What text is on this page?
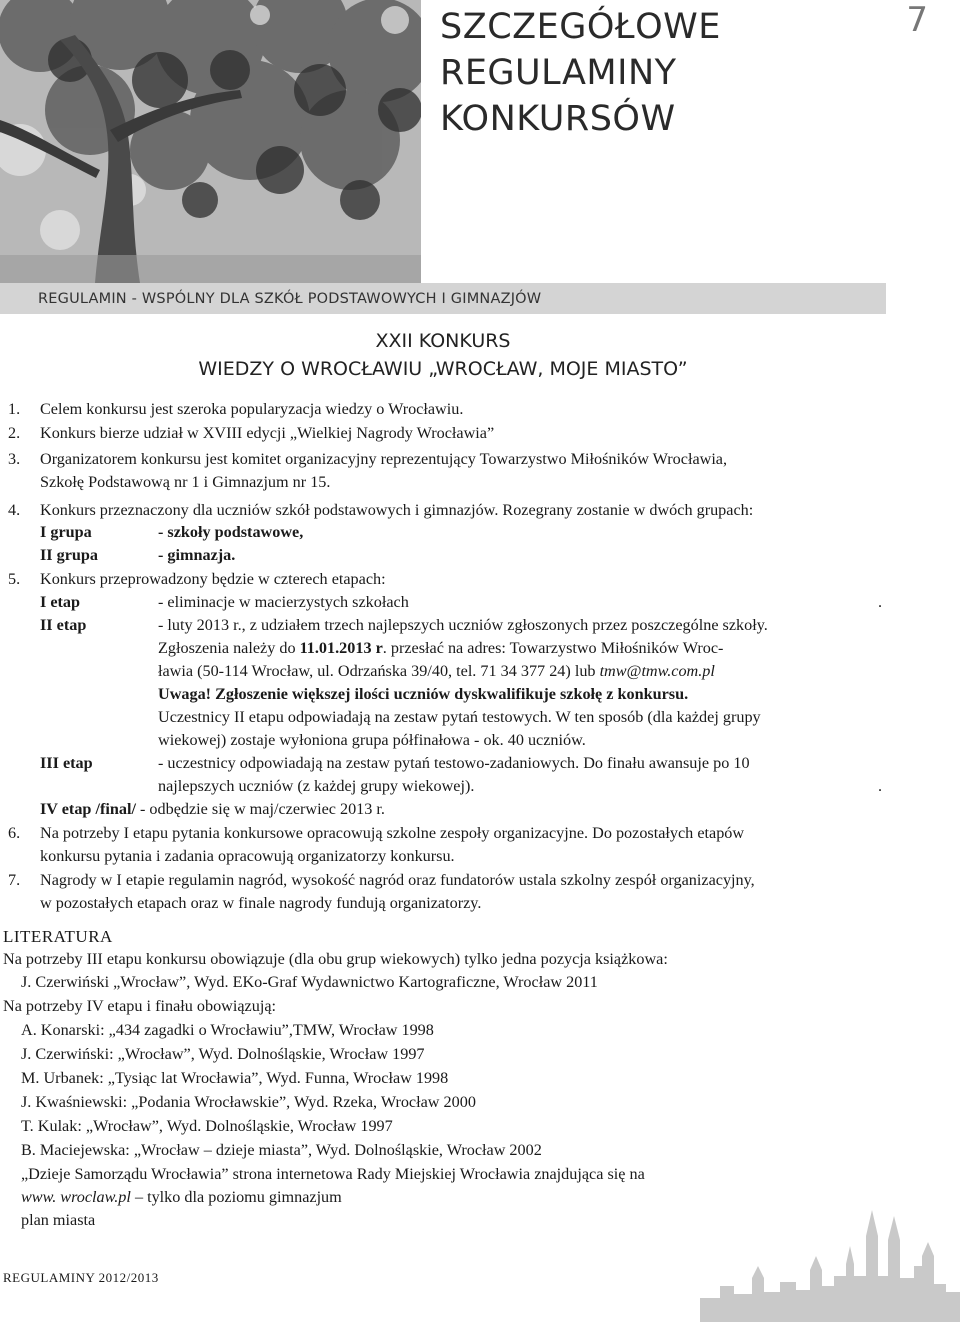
SZCZEGÓŁOWE
REGULAMINY
KONKURSÓW
7
REGULAMIN - WSPÓLNY DLA SZKÓŁ PODSTAWOWYCH I GIMNAZJÓW
XXII KONKURS
WIEDZY O WROCŁAWIU „WROCŁAW, MOJE MIASTO”
1. Celem konkursu jest szeroka popularyzacja wiedzy o Wrocławiu.
2. Konkurs bierze udział w XVIII edycji „Wielkiej Nagrody Wrocławia”
3. Organizatorem konkursu jest komitet organizacyjny reprezentujący Towarzystwo Miłośników Wrocławia,
Szkołę Podstawową nr 1 i Gimnazjum nr 15.
4. Konkurs przeznaczony dla uczniów szkół podstawowych i gimnazjów. Rozegrany zostanie w dwóch grupach:
I grupa	- szkoły podstawowe,
II grupa	- gimnazja.
5. Konkurs przeprowadzony będzie w czterech etapach:
I etap	- eliminacje w macierzystych szkołach	.
II etap	- luty 2013 r., z udziałem trzech najlepszych uczniów zgłoszonych przez poszczególne szkoły.
Zgłoszenia należy do 11.01.2013 r. przesłać na adres: Towarzystwo Miłośników Wroc-
ławia (50-114 Wrocław, ul. Odrzańska 39/40, tel. 71 34 377 24) lub tmw@tmw.com.pl
Uwaga! Zgłoszenie większej ilości uczniów dyskwalifikuje szkołę z konkursu.
Uczestnicy II etapu odpowiadają na zestaw pytań testowych. W ten sposób (dla każdej grupy
wiekowej) zostaje wyłoniona grupa półfinałowa - ok. 40 uczniów.
III etap	- uczestnicy odpowiadają na zestaw pytań testowo-zadaniowych. Do finału awansuje po 10
najlepszych uczniów (z każdej grupy wiekowej).	.
IV etap /final/ - odbędzie się w maj/czerwiec 2013 r.
6. Na potrzeby I etapu pytania konkursowe opracowują szkolne zespoły organizacyjne. Do pozostałych etapów
konkursu pytania i zadania opracowują organizatorzy konkursu.
7. Nagrody w I etapie regulamin nagród, wysokość nagród oraz fundatorów ustala szkolny zespół organizacyjny,
w pozostałych etapach oraz w finale nagrody fundują organizatorzy.
LITERATURA
Na potrzeby III etapu konkursu obowiązuje (dla obu grup wiekowych) tylko jedna pozycja książkowa:
J. Czerwiński „Wrocław”, Wyd. EKo-Graf Wydawnictwo Kartograficzne, Wrocław 2011
Na potrzeby IV etapu i finału obowiązują:
A. Konarski: „434 zagadki o Wrocławiu”,TMW, Wrocław 1998
J. Czerwiński: „Wrocław”, Wyd. Dolnośląskie, Wrocław 1997
M. Urbanek: „Tysiąc lat Wrocławia”, Wyd. Funna, Wrocław 1998
J. Kwaśniewski: „Podania Wrocławskie”, Wyd. Rzeka, Wrocław 2000
T. Kulak: „Wrocław”, Wyd. Dolnośląskie, Wrocław 1997
B. Maciejewska: „Wrocław – dzieje miasta”, Wyd. Dolnośląskie, Wrocław 2002
„Dzieje Samorządu Wrocławia” strona internetowa Rady Miejskiej Wrocławia znajdująca się na
www. wroclaw.pl – tylko dla poziomu gimnazjum
plan miasta
REGULAMINY 2012/2013
